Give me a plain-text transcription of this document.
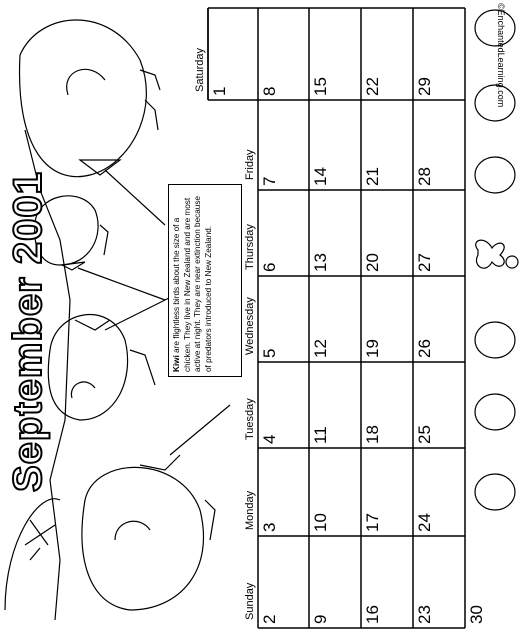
September 2001
©EnchantedLearning.com
Kiwi are flightless birds about the size of a chicken. They live in New Zealand and are most active at night. They are near extinction because of predators introduced to New Zealand.
Sunday
Monday
Tuesday
Wednesday
Thursday
Friday
Saturday 1
2
3
4
5
6
7
8
9
10
11
12
13
14
15
16
17
18
19
20
21
22
23
24
25
26
27
28
29
30
